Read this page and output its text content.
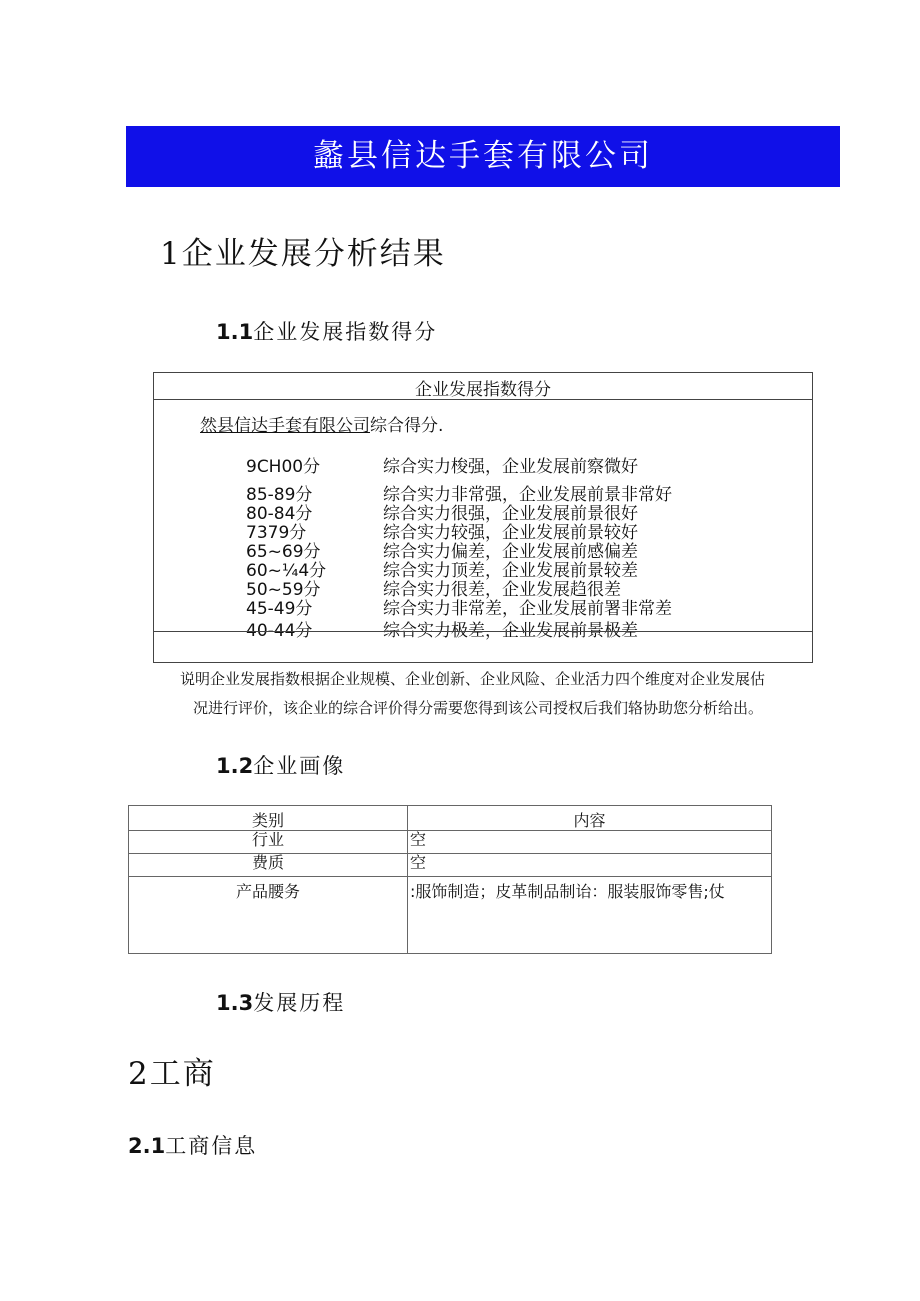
蠡县信达手套有限公司
1企业发展分析结果
1.1企业发展指数得分
企业发展指数得分
然县信达手套有限公司综合得分.
9CH00分	综合实力梭强，企业发展前察微好
85-89分	综合实力非常强，企业发展前景非常好
80-84分	综合实力很强，企业发展前景很好
7379分	综合实力较强，企业发展前景较好
65~69分	综合实力偏差，企业发展前感偏差
60~¼4分	综合实力顶差，企业发展前景较差
50~59分	综合实力很差，企业发展趋很差
45-49分	综合实力非常差，企业发展前署非常差
40-44分	综合实力极差，企业发展前景极差
说明企业发展指数根据企业规模、企业创新、企业风险、企业活力四个维度对企业发展估
况进行评价，该企业的综合评价得分需要您得到该公司授权后我们辂协助您分析给出。
1.2企业画像
类别	内容
行业	空
费质	空
产品腰务	:服饰制造；皮革制品制诒：服装服饰零售;仗
1.3发展历程
2工商
2.1工商信息
